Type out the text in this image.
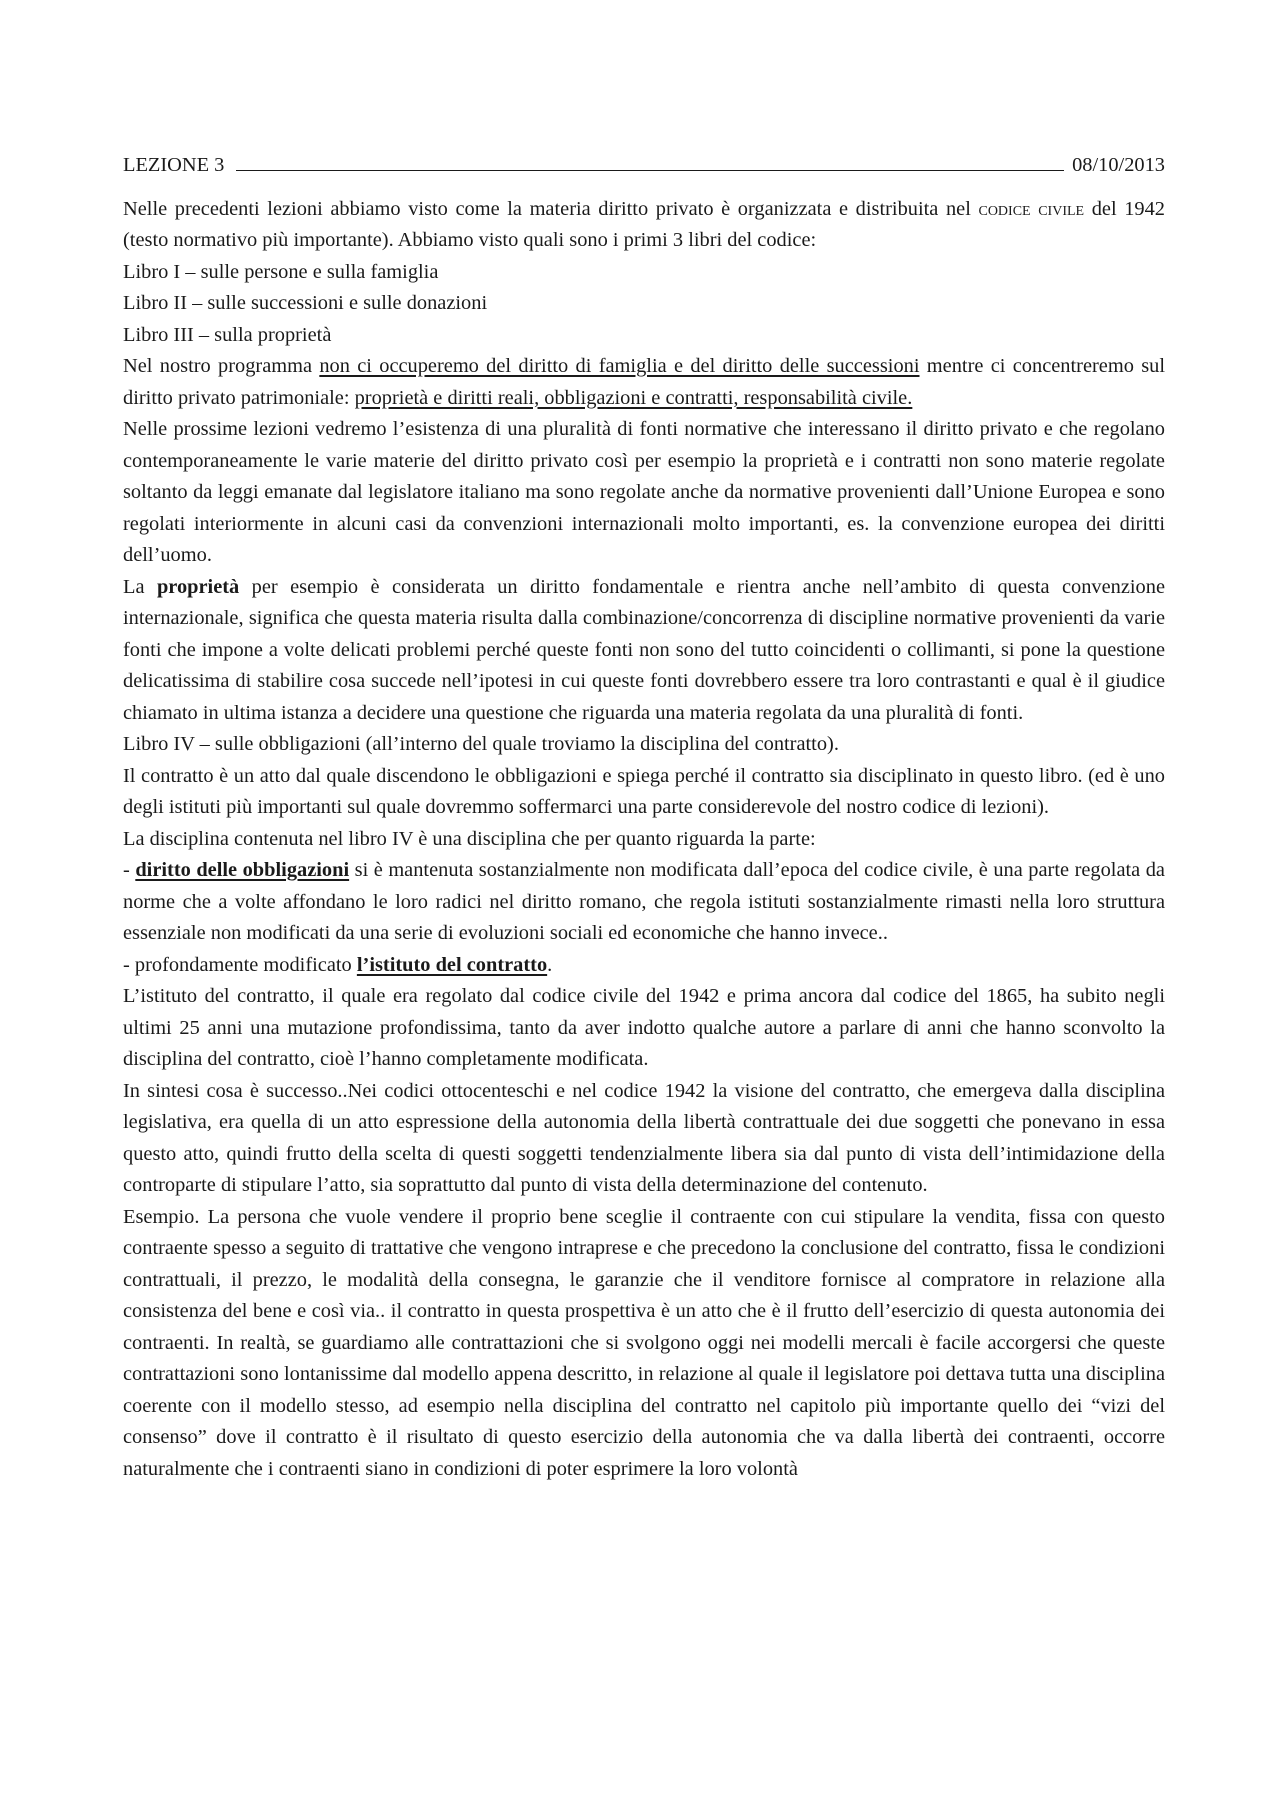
LEZIONE 3	08/10/2013

Nelle precedenti lezioni abbiamo visto come la materia diritto privato è organizzata e distribuita nel codice civile del 1942 (testo normativo più importante). Abbiamo visto quali sono i primi 3 libri del codice:

Libro I – sulle persone e sulla famiglia
Libro II – sulle successioni e sulle donazioni
Libro III – sulla proprietà

Nel nostro programma non ci occuperemo del diritto di famiglia e del diritto delle successioni mentre ci concentreremo sul diritto privato patrimoniale: proprietà e diritti reali, obbligazioni e contratti, responsabilità civile.

Nelle prossime lezioni vedremo l’esistenza di una pluralità di fonti normative che interessano il diritto privato e che regolano contemporaneamente le varie materie del diritto privato così per esempio la proprietà e i contratti non sono materie regolate soltanto da leggi emanate dal legislatore italiano ma sono regolate anche da normative provenienti dall’Unione Europea e sono regolati interiormente in alcuni casi da convenzioni internazionali molto importanti, es. la convenzione europea dei diritti dell’uomo.

La proprietà per esempio è considerata un diritto fondamentale e rientra anche nell’ambito di questa convenzione internazionale, significa che questa materia risulta dalla combinazione/concorrenza di discipline normative provenienti da varie fonti che impone a volte delicati problemi perché queste fonti non sono del tutto coincidenti o collimanti, si pone la questione delicatissima di stabilire cosa succede nell’ipotesi in cui queste fonti dovrebbero essere tra loro contrastanti e qual è il giudice chiamato in ultima istanza a decidere una questione che riguarda una materia regolata da una pluralità di fonti.

Libro IV – sulle obbligazioni (all’interno del quale troviamo la disciplina del contratto).

Il contratto è un atto dal quale discendono le obbligazioni e spiega perché il contratto sia disciplinato in questo libro. (ed è uno degli istituti più importanti sul quale dovremmo soffermarci una parte considerevole del nostro codice di lezioni).

La disciplina contenuta nel libro IV è una disciplina che per quanto riguarda la parte:

- diritto delle obbligazioni si è mantenuta sostanzialmente non modificata dall’epoca del codice civile, è una parte regolata da norme che a volte affondano le loro radici nel diritto romano, che regola istituti sostanzialmente rimasti nella loro struttura essenziale non modificati da una serie di evoluzioni sociali ed economiche che hanno invece..

- profondamente modificato l’istituto del contratto.

L’istituto del contratto, il quale era regolato dal codice civile del 1942 e prima ancora dal codice del 1865, ha subito negli ultimi 25 anni una mutazione profondissima, tanto da aver indotto qualche autore a parlare di anni che hanno sconvolto la disciplina del contratto, cioè l’hanno completamente modificata.

In sintesi cosa è successo..Nei codici ottocenteschi e nel codice 1942 la visione del contratto, che emergeva dalla disciplina legislativa, era quella di un atto espressione della autonomia della libertà contrattuale dei due soggetti che ponevano in essa questo atto, quindi frutto della scelta di questi soggetti tendenzialmente libera sia dal punto di vista dell’intimidazione della controparte di stipulare l’atto, sia soprattutto dal punto di vista della determinazione del contenuto.

Esempio. La persona che vuole vendere il proprio bene sceglie il contraente con cui stipulare la vendita, fissa con questo contraente spesso a seguito di trattative che vengono intraprese e che precedono la conclusione del contratto, fissa le condizioni contrattuali, il prezzo, le modalità della consegna, le garanzie che il venditore fornisce al compratore in relazione alla consistenza del bene e così via.. il contratto in questa prospettiva è un atto che è il frutto dell’esercizio di questa autonomia dei contraenti. In realtà, se guardiamo alle contrattazioni che si svolgono oggi nei modelli mercali è facile accorgersi che queste contrattazioni sono lontanissime dal modello appena descritto, in relazione al quale il legislatore poi dettava tutta una disciplina coerente con il modello stesso, ad esempio nella disciplina del contratto nel capitolo più importante quello dei “vizi del consenso” dove il contratto è il risultato di questo esercizio della autonomia che va dalla libertà dei contraenti, occorre naturalmente che i contraenti siano in condizioni di poter esprimere la loro volontà
